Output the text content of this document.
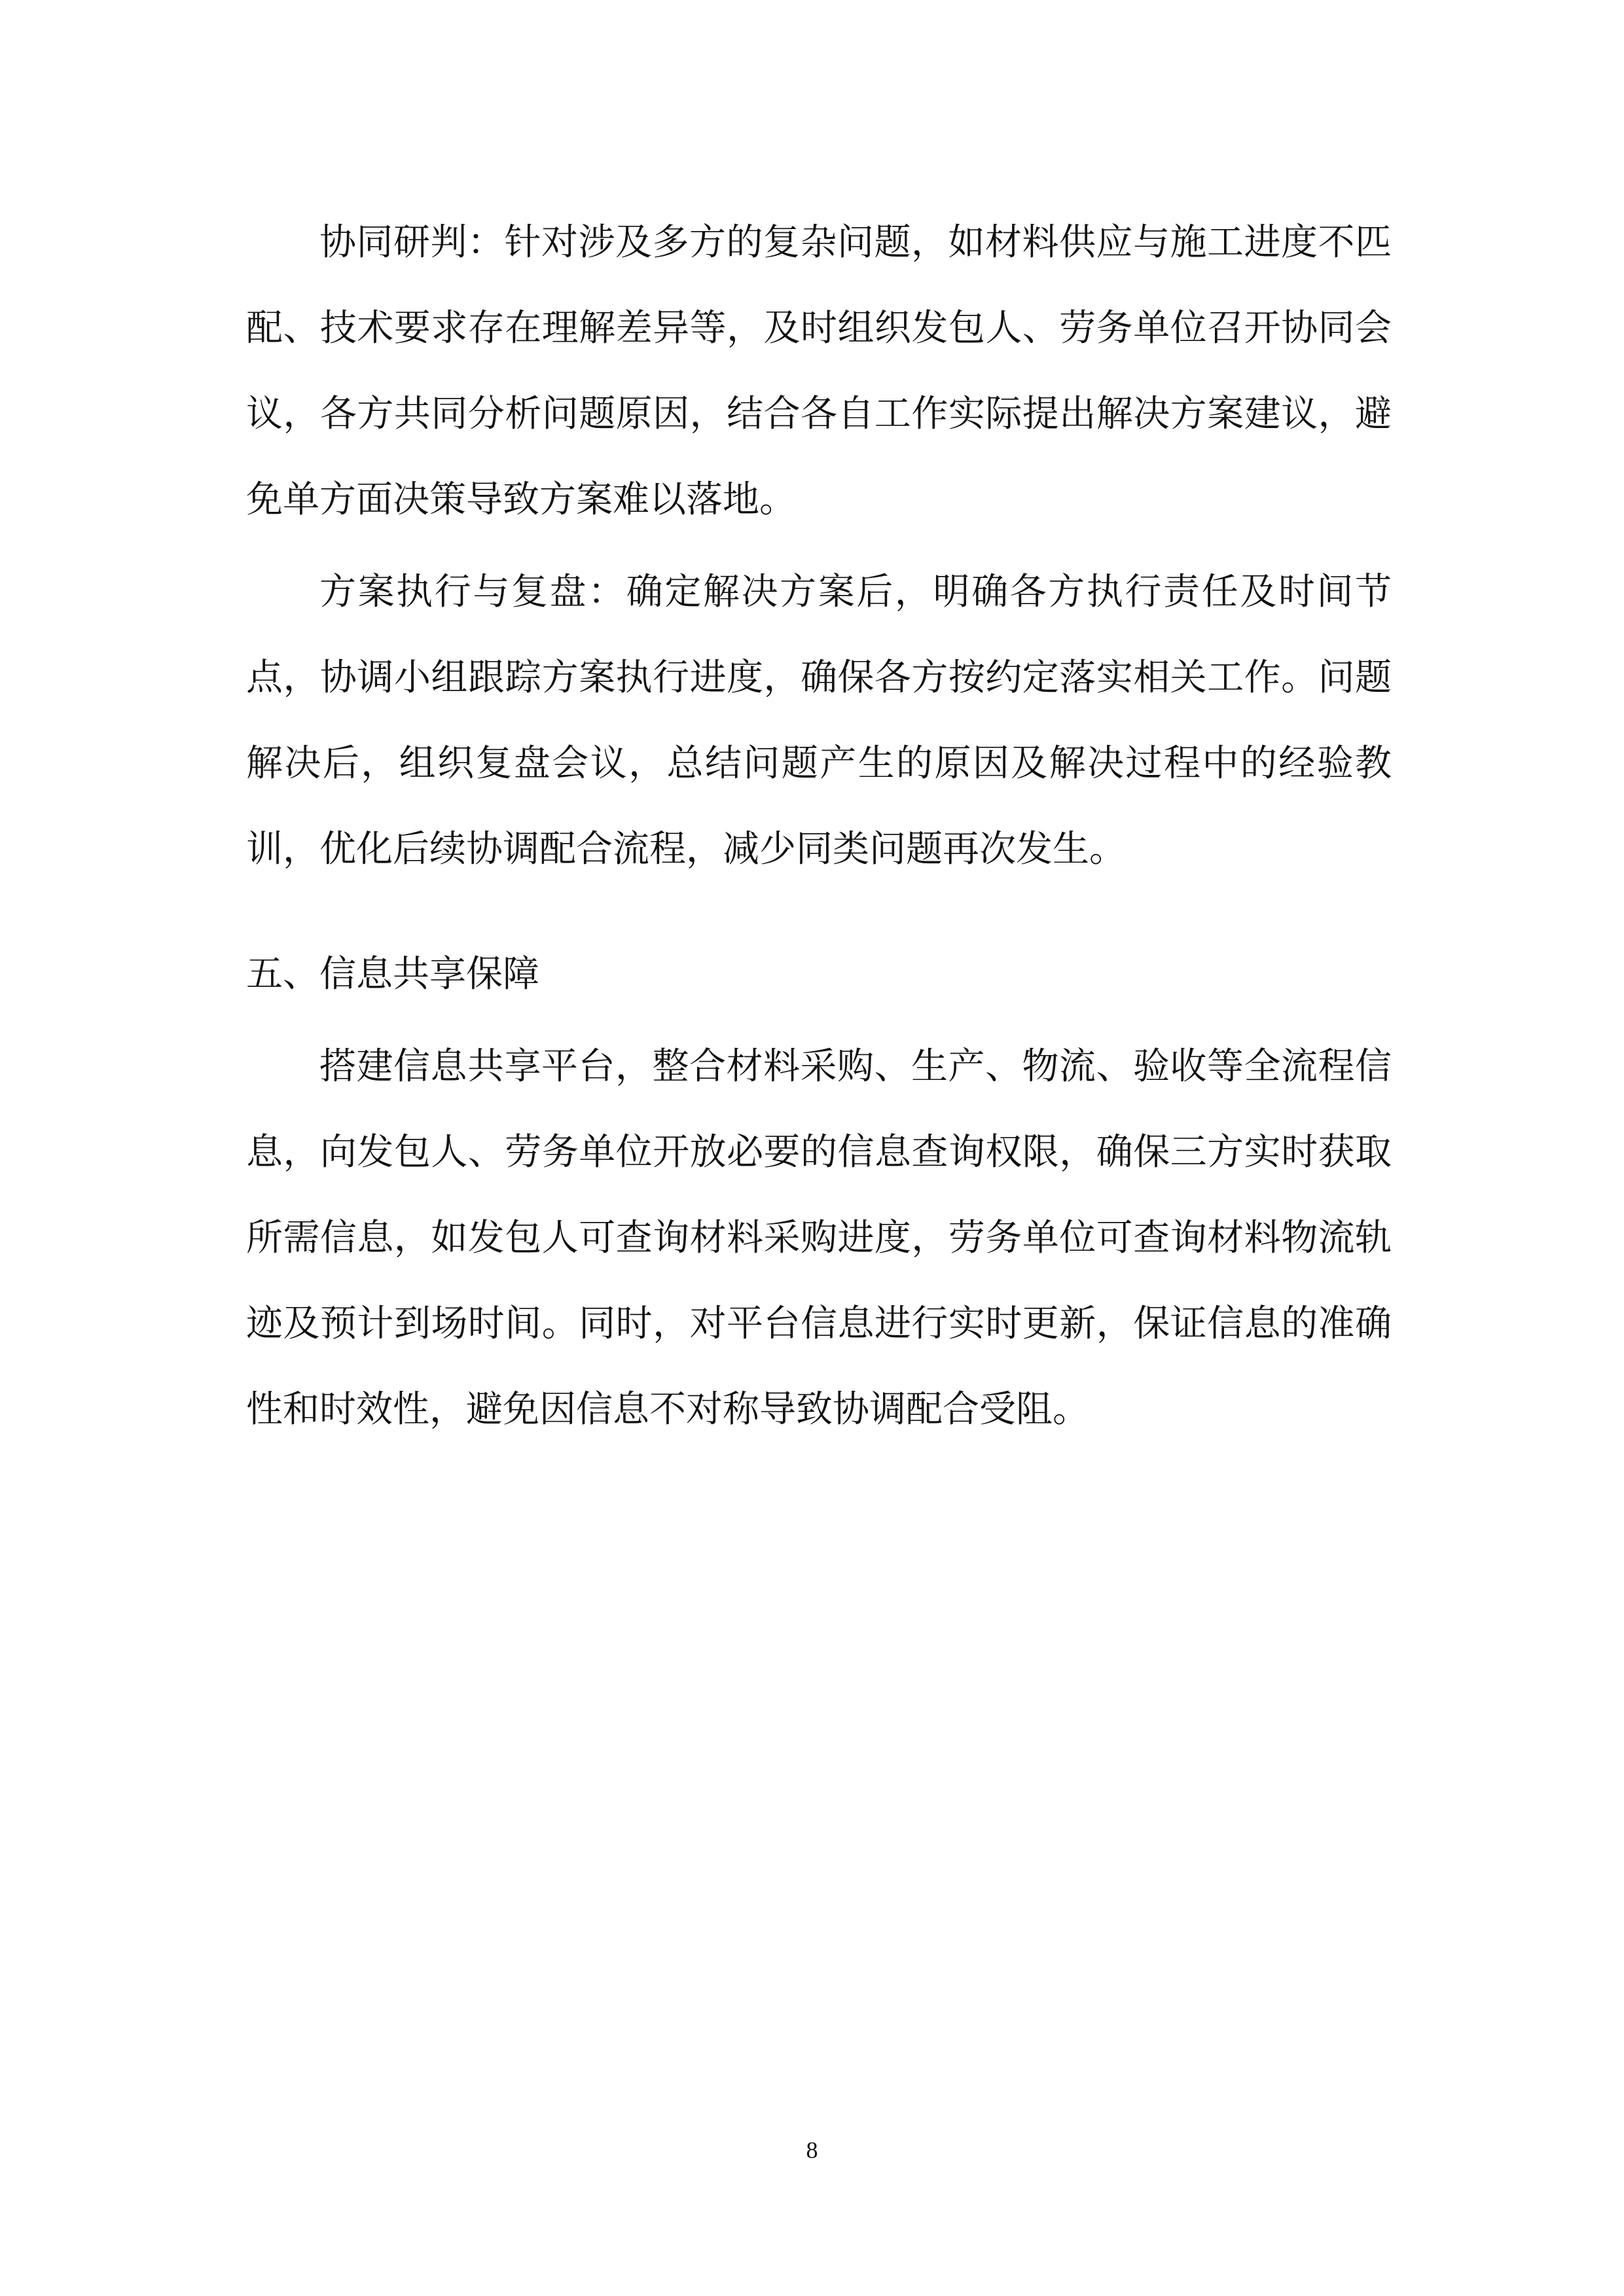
协同研判：针对涉及多方的复杂问题，如材料供应与施工进度不匹配、技术要求存在理解差异等，及时组织发包人、劳务单位召开协同会议，各方共同分析问题原因，结合各自工作实际提出解决方案建议，避免单方面决策导致方案难以落地。

方案执行与复盘：确定解决方案后，明确各方执行责任及时间节点，协调小组跟踪方案执行进度，确保各方按约定落实相关工作。问题解决后，组织复盘会议，总结问题产生的原因及解决过程中的经验教训，优化后续协调配合流程，减少同类问题再次发生。

五、信息共享保障

搭建信息共享平台，整合材料采购、生产、物流、验收等全流程信息，向发包人、劳务单位开放必要的信息查询权限，确保三方实时获取所需信息，如发包人可查询材料采购进度，劳务单位可查询材料物流轨迹及预计到场时间。同时，对平台信息进行实时更新，保证信息的准确性和时效性，避免因信息不对称导致协调配合受阻。

8
